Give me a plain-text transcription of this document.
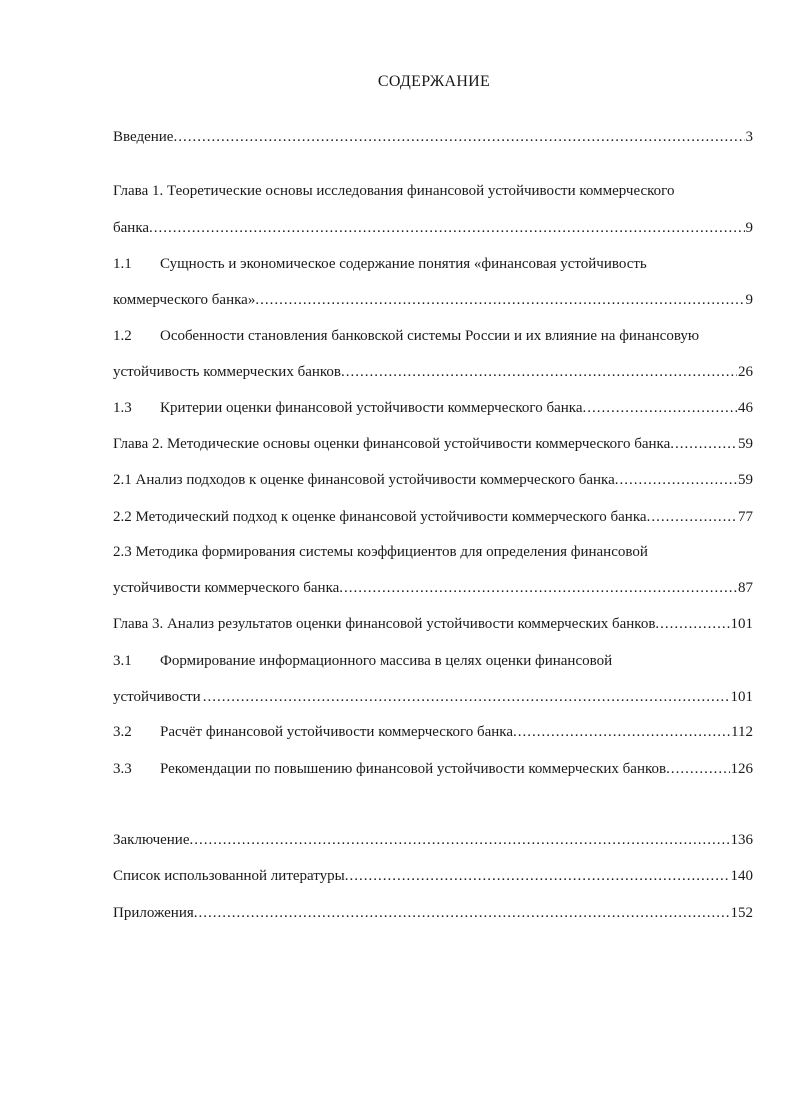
СОДЕРЖАНИЕ
Введение .....	3
Глава 1. Теоретические основы исследования финансовой устойчивости коммерческого
банка .....	9
1.1 Сущность и экономическое содержание понятия «финансовая устойчивость
коммерческого банка» .....	9
1.2 Особенности становления банковской системы России и их влияние на финансовую
устойчивость коммерческих банков .....	26
1.3 Критерии оценки финансовой устойчивости коммерческого банка .....	46
Глава 2. Методические основы оценки финансовой устойчивости коммерческого банка .....	59
2.1 Анализ подходов к оценке финансовой устойчивости коммерческого банка .....	59
2.2 Методический подход к оценке финансовой устойчивости коммерческого банка .....	77
2.3 Методика формирования системы коэффициентов для определения финансовой
устойчивости коммерческого банка .....	87
Глава 3. Анализ результатов оценки финансовой устойчивости коммерческих банков .....	101
3.1 Формирование информационного массива в целях оценки финансовой
устойчивости .....	101
3.2 Расчёт финансовой устойчивости коммерческого банка .....	112
3.3 Рекомендации по повышению финансовой устойчивости коммерческих банков .....	126
Заключение .....	136
Список использованной литературы .....	140
Приложения .....	152
